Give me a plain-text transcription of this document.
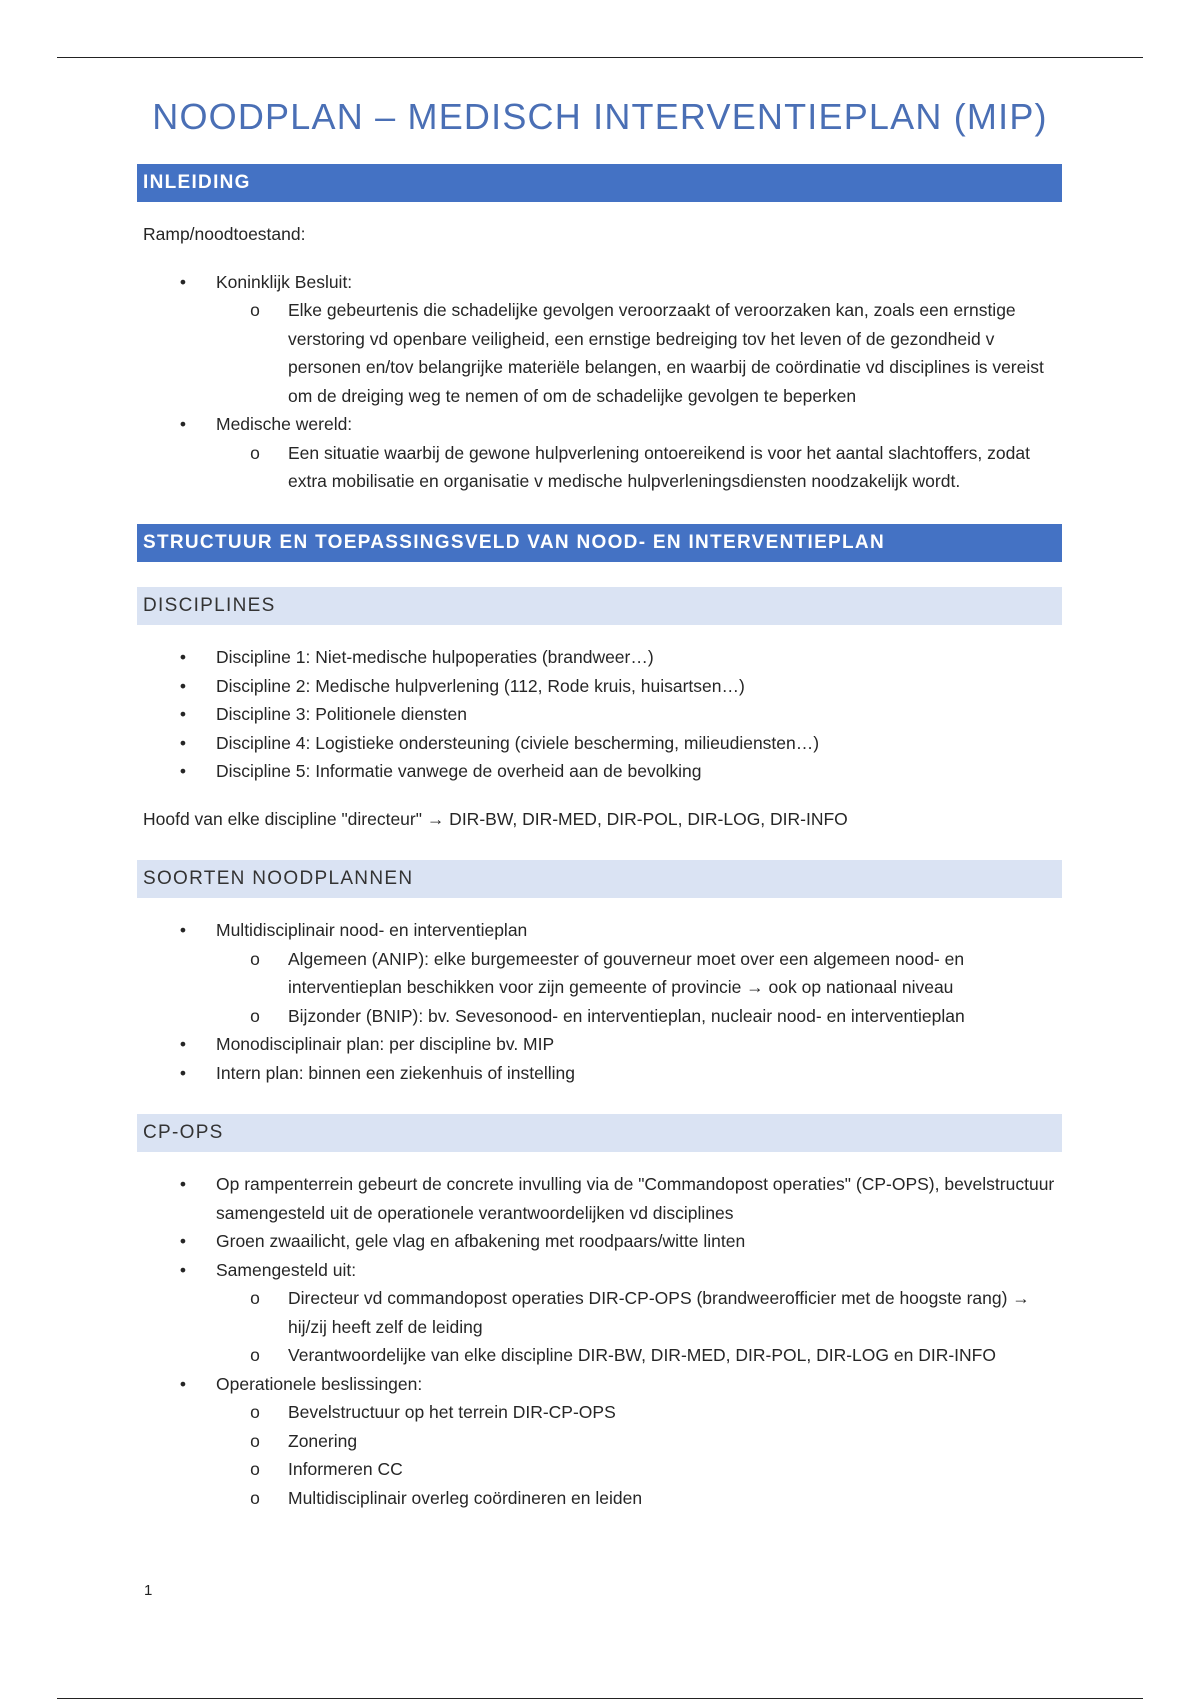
NOODPLAN – MEDISCH INTERVENTIEPLAN (MIP)
INLEIDING

Ramp/noodtoestand:

• Koninklijk Besluit:
o Elke gebeurtenis die schadelijke gevolgen veroorzaakt of veroorzaken kan, zoals een ernstige verstoring vd openbare veiligheid, een ernstige bedreiging tov het leven of de gezondheid v personen en/tov belangrijke materiële belangen, en waarbij de coördinatie vd disciplines is vereist om de dreiging weg te nemen of om de schadelijke gevolgen te beperken
• Medische wereld:
o Een situatie waarbij de gewone hulpverlening ontoereikend is voor het aantal slachtoffers, zodat extra mobilisatie en organisatie v medische hulpverleningsdiensten noodzakelijk wordt.
STRUCTUUR EN TOEPASSINGSVELD VAN NOOD- EN INTERVENTIEPLAN
DISCIPLINES
• Discipline 1: Niet-medische hulpoperaties (brandweer…)
• Discipline 2: Medische hulpverlening (112, Rode kruis, huisartsen…)
• Discipline 3: Politionele diensten
• Discipline 4: Logistieke ondersteuning (civiele bescherming, milieudiensten…)
• Discipline 5: Informatie vanwege de overheid aan de bevolking

Hoofd van elke discipline "directeur" → DIR-BW, DIR-MED, DIR-POL, DIR-LOG, DIR-INFO

SOORTEN NOODPLANNEN
• Multidisciplinair nood- en interventieplan
o Algemeen (ANIP): elke burgemeester of gouverneur moet over een algemeen nood- en interventieplan beschikken voor zijn gemeente of provincie → ook op nationaal niveau
o Bijzonder (BNIP): bv. Sevesonood- en interventieplan, nucleair nood- en interventieplan
• Monodisciplinair plan: per discipline bv. MIP
• Intern plan: binnen een ziekenhuis of instelling
CP-OPS
• Op rampenterrein gebeurt de concrete invulling via de "Commandopost operaties" (CP-OPS), bevelstructuur samengesteld uit de operationele verantwoordelijken vd disciplines
• Groen zwaailicht, gele vlag en afbakening met roodpaars/witte linten
• Samengesteld uit:
o Directeur vd commandopost operaties DIR-CP-OPS (brandweerofficier met de hoogste rang) → hij/zij heeft zelf de leiding
o Verantwoordelijke van elke discipline DIR-BW, DIR-MED, DIR-POL, DIR-LOG en DIR-INFO
• Operationele beslissingen:
o Bevelstructuur op het terrein DIR-CP-OPS
o Zonering
o Informeren CC
o Multidisciplinair overleg coördineren en leiden
1
